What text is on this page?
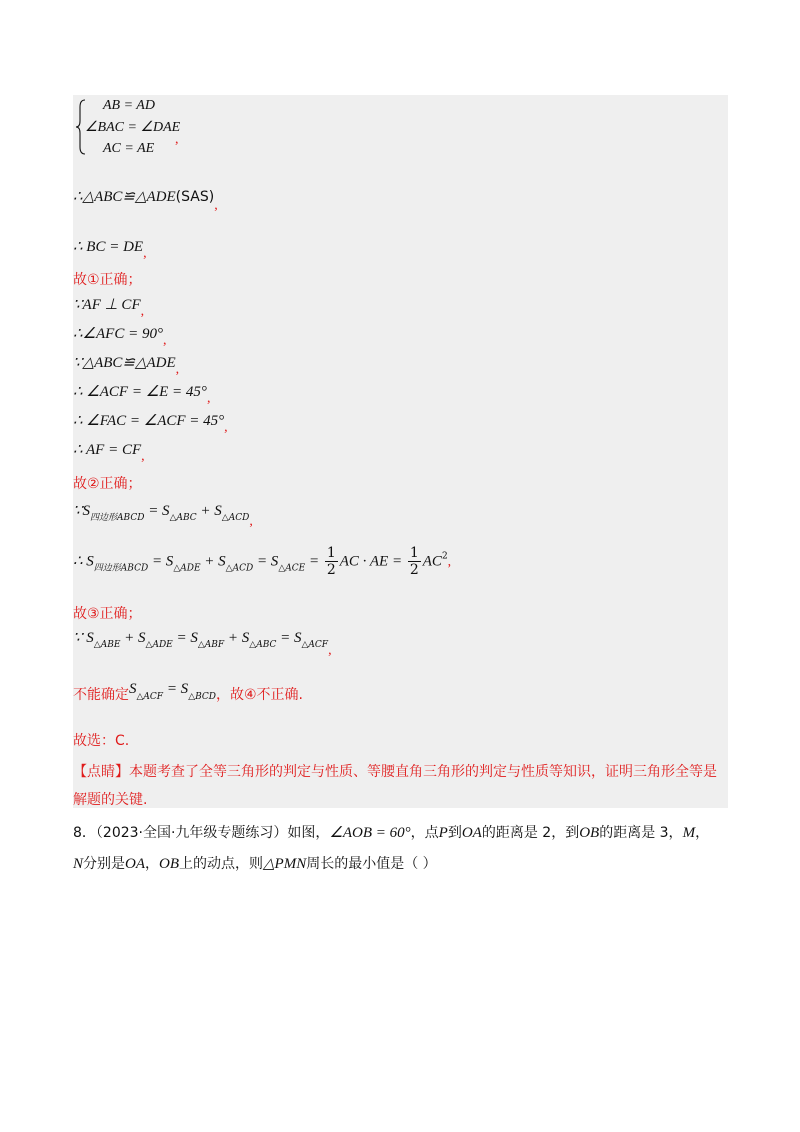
AB = AD
∠BAC = ∠DAE
AC = AE
,
∴△ABC≌△ADE(SAS),
∴ BC = DE,
故①正确；
∵AF ⊥ CF,
∴∠AFC = 90°,
∵△ABC≌△ADE,
∴ ∠ACF = ∠E = 45°,
∴ ∠FAC = ∠ACF = 45°,
∴ AF = CF,
故②正确；
$\because S_{四边形ABCD} = S_{\triangle ABC} + S_{\triangle ACD}$,
∴ $S_{四边形ABCD} = S_{\triangle ADE} + S_{\triangle ACD} = S_{\triangle ACE} = \frac{1}{2}$ AC · AE = $\frac{1}{2} AC^2$,
故③正确；
∵ $S_{\triangle ABE} + S_{\triangle ADE} = S_{\triangle ABF} + S_{\triangle ABC} = S_{\triangle ACF}$,
不能确定S△ACF = S△BCD，故④不正确.
故选：C.
【点睛】本题考查了全等三角形的判定与性质、等腰直角三角形的判定与性质等知识，证明三角形全等是
解题的关键.
8．（2023·全国·九年级专题练习）如图，∠AOB = 60°，点P到OA的距离是 2，到OB的距离是 3，M，
N分别是OA，OB上的动点，则△PMN周长的最小值是（ ）
